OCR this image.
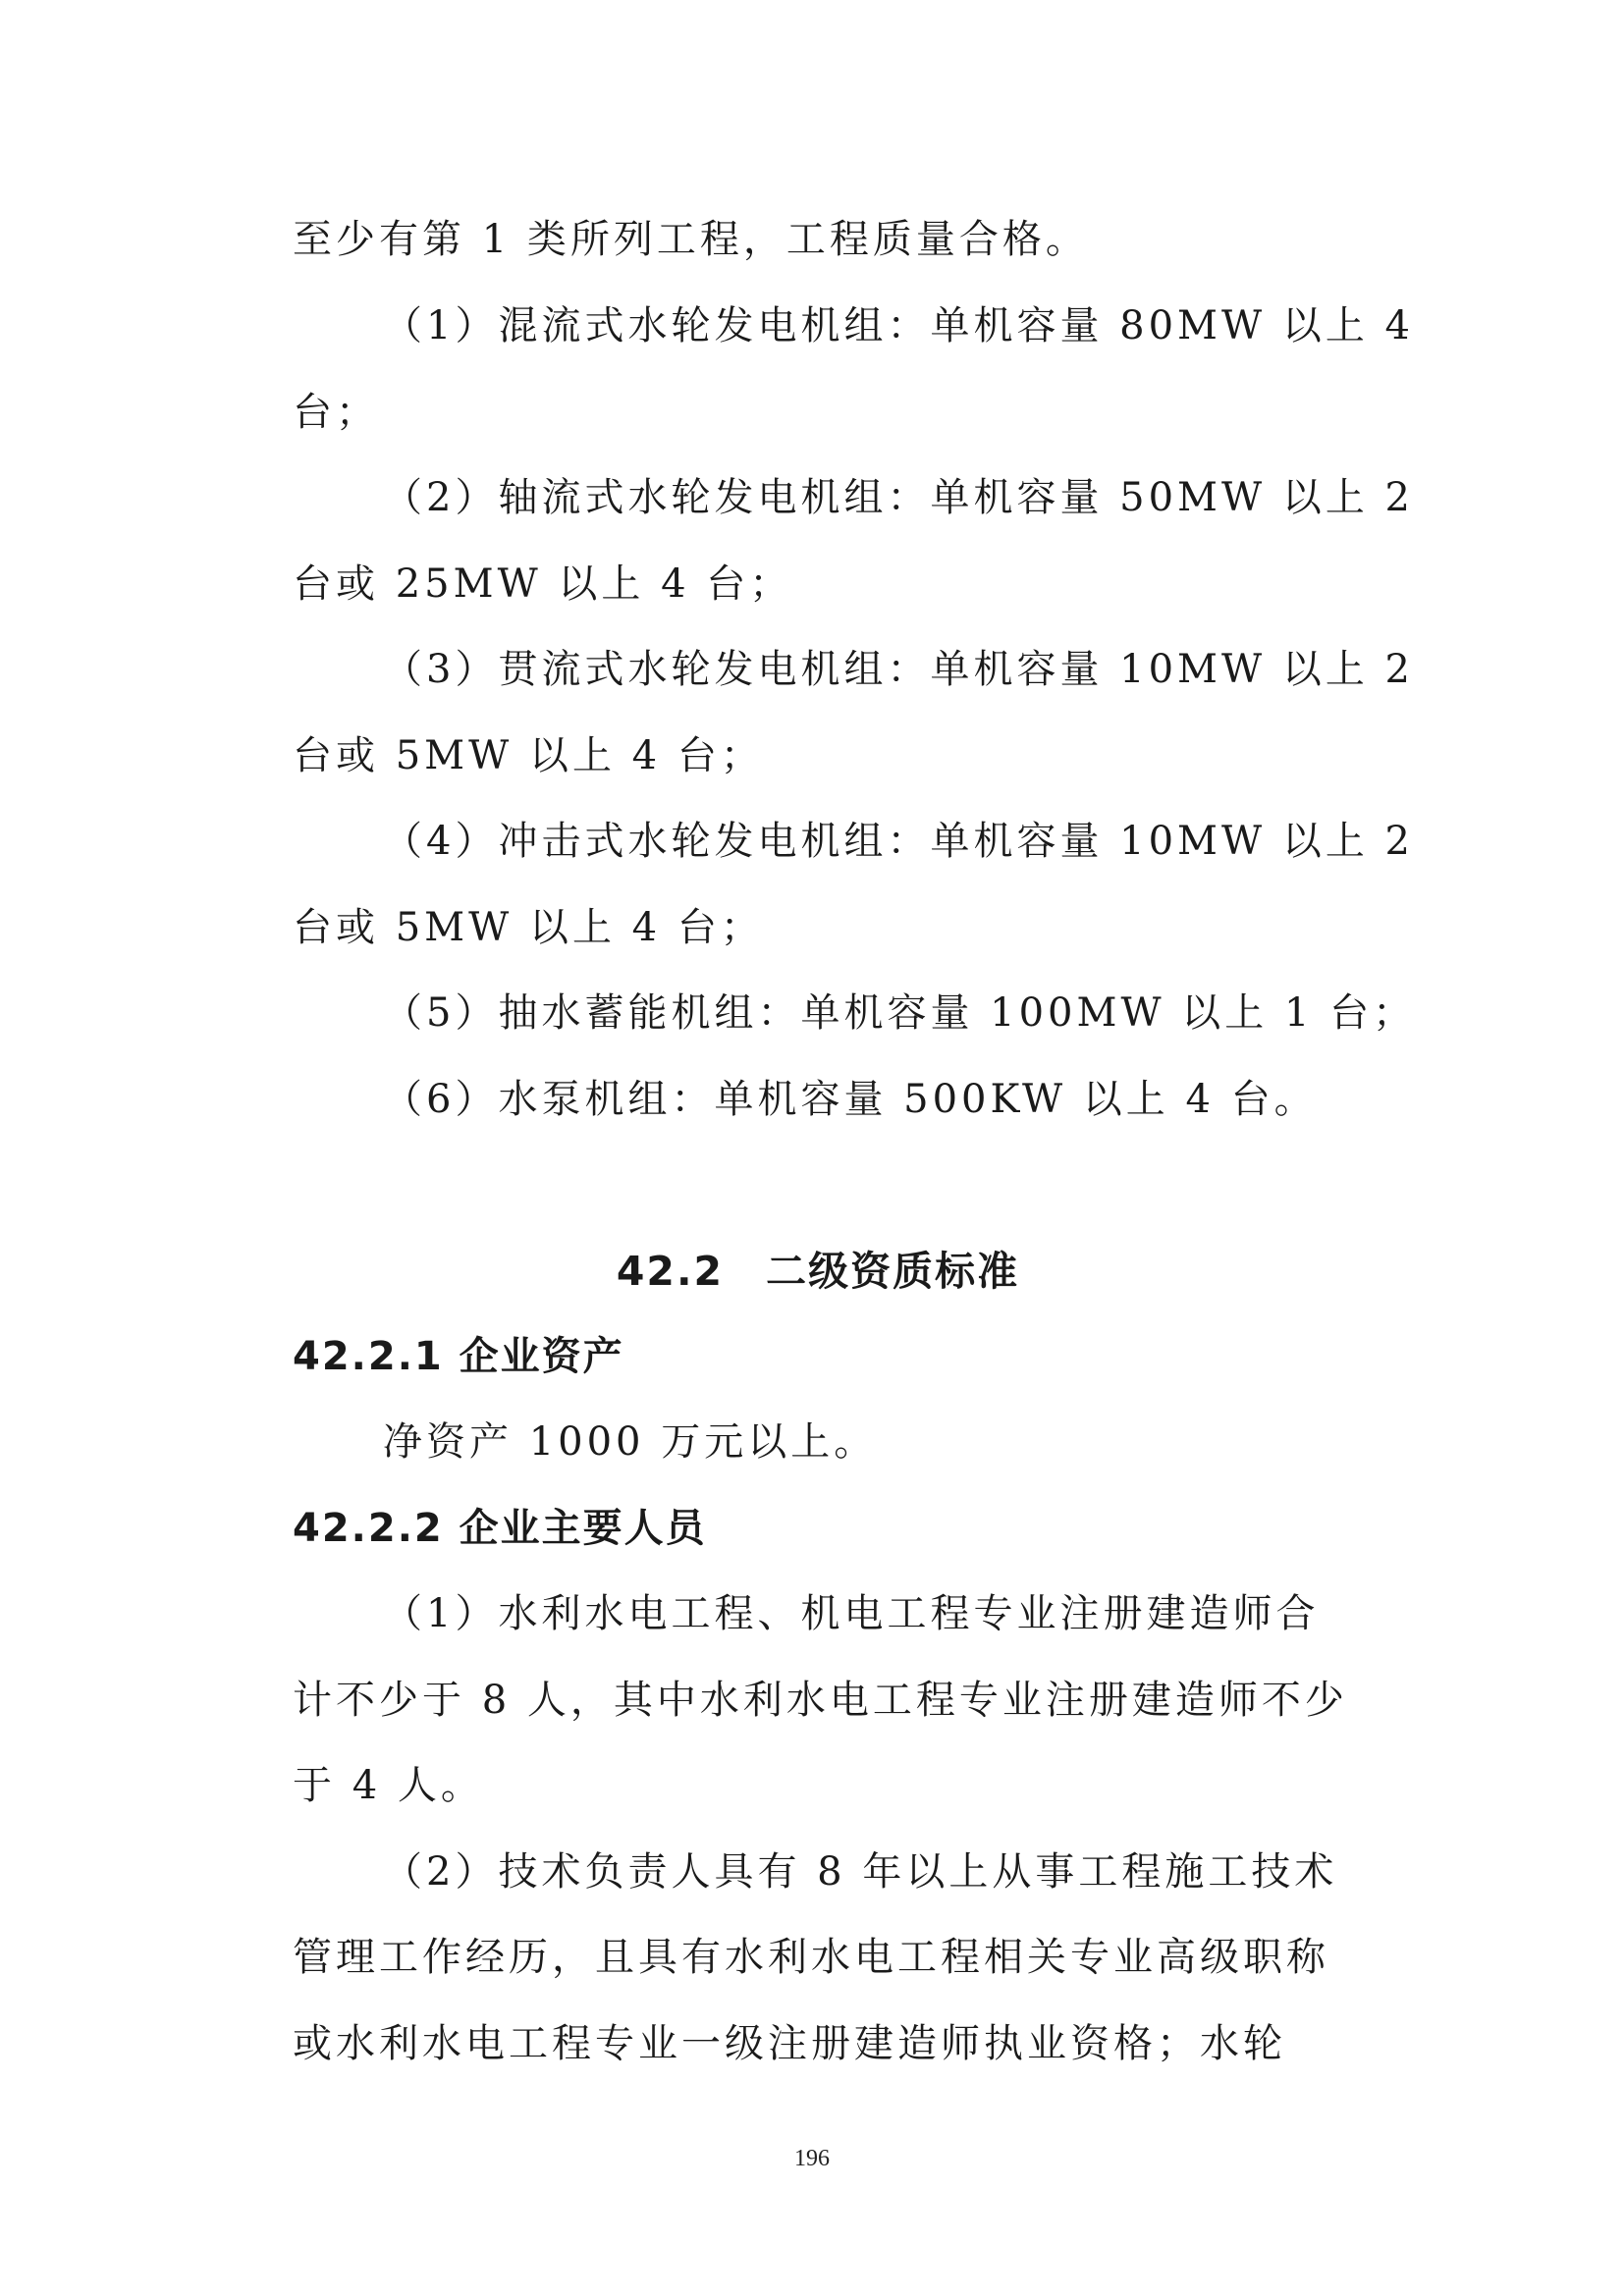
至少有第 1 类所列工程，工程质量合格。
（1）混流式水轮发电机组：单机容量 80MW 以上 4
台；
（2）轴流式水轮发电机组：单机容量 50MW 以上 2
台或 25MW 以上 4 台；
（3）贯流式水轮发电机组：单机容量 10MW 以上 2
台或 5MW 以上 4 台；
（4）冲击式水轮发电机组：单机容量 10MW 以上 2
台或 5MW 以上 4 台；
（5）抽水蓄能机组：单机容量 100MW 以上 1 台；
（6）水泵机组：单机容量 500KW 以上 4 台。
42.2　二级资质标准
42.2.1 企业资产
净资产 1000 万元以上。
42.2.2 企业主要人员
（1）水利水电工程、机电工程专业注册建造师合
计不少于 8 人，其中水利水电工程专业注册建造师不少
于 4 人。
（2）技术负责人具有 8 年以上从事工程施工技术
管理工作经历，且具有水利水电工程相关专业高级职称
或水利水电工程专业一级注册建造师执业资格；水轮
196
